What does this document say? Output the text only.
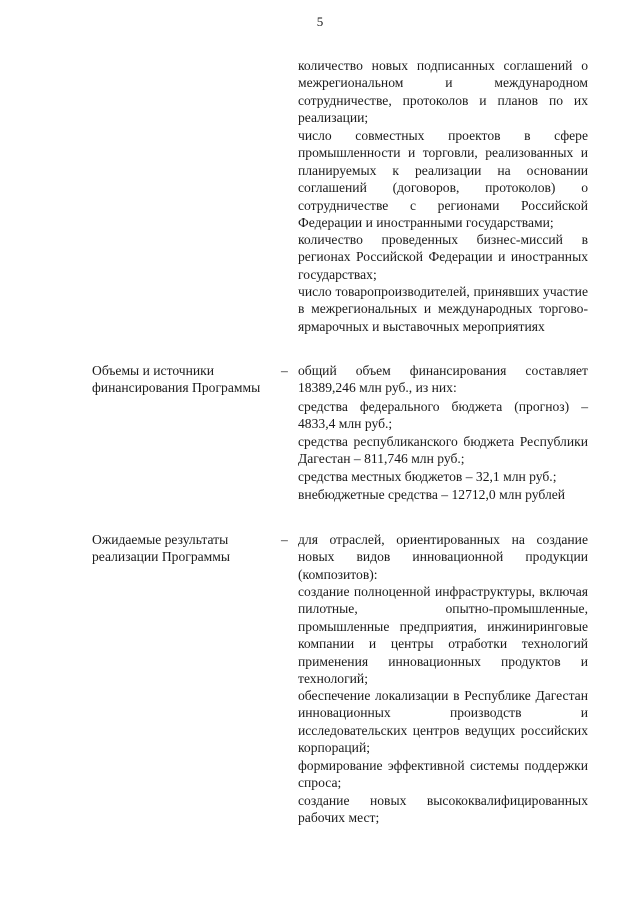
5

количество новых подписанных соглашений о межрегиональном и международном сотрудничестве, протоколов и планов по их реализации;

число совместных проектов в сфере промышленности и торговли, реализованных и планируемых к реализации на основании соглашений (договоров, протоколов) о сотрудничестве с регионами Российской Федерации и иностранными государствами;

количество проведенных бизнес-миссий в регионах Российской Федерации и иностранных государствах;

число товаропроизводителей, принявших участие в межрегиональных и международных торгово-ярмарочных и выставочных мероприятиях

Объемы и источники финансирования Программы

– общий объем финансирования составляет 18389,246 млн руб., из них:

средства федерального бюджета (прогноз) – 4833,4 млн руб.;

средства республиканского бюджета Республики Дагестан – 811,746 млн руб.;

средства местных бюджетов – 32,1 млн руб.;

внебюджетные средства – 12712,0 млн рублей

Ожидаемые результаты реализации Программы

– для отраслей, ориентированных на создание новых видов инновационной продукции (композитов):

создание полноценной инфраструктуры, включая пилотные, опытно-промышленные, промышленные предприятия, инжиниринговые компании и центры отработки технологий применения инновационных продуктов и технологий;

обеспечение локализации в Республике Дагестан инновационных производств и исследовательских центров ведущих российских корпораций;

формирование эффективной системы поддержки спроса;

создание новых высококвалифицированных рабочих мест;
